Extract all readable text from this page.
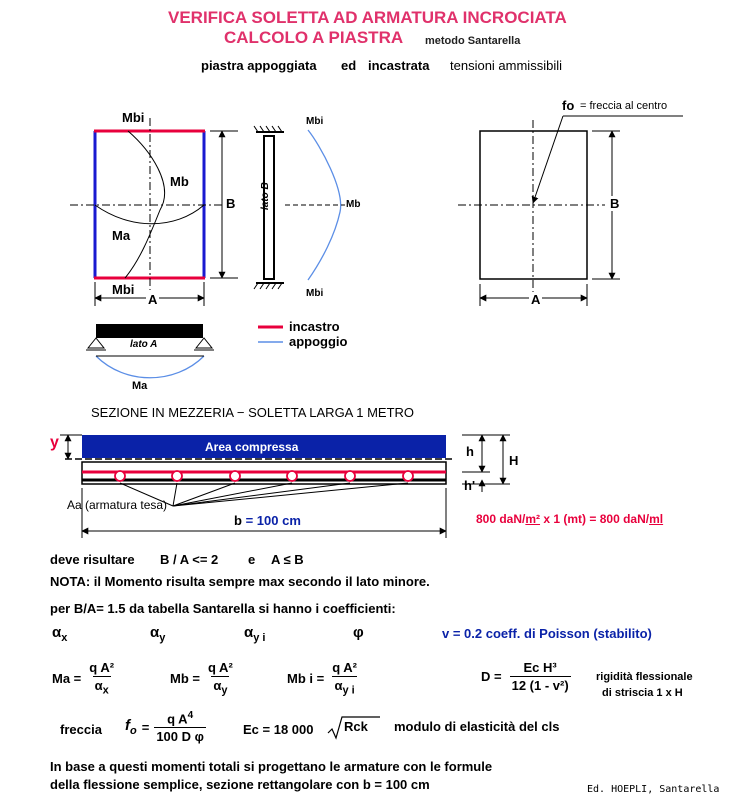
VERIFICA SOLETTA AD ARMATURA INCROCIATA
CALCOLO A PIASTRA metodo Santarella
piastra appoggiata ed incastrata tensioni ammissibili
Mbi
Mb
Ma
Mbi
A
B
Mbi
Mbi
Mb
lato B
fo = freccia al centro
B
A
incastro
appoggio
lato A
Ma
SEZIONE IN MEZZERIA − SOLETTA LARGA 1 METRO
Area compressa
y
h
H
h'
Aa (armatura tesa)
b = 100 cm	800 daN/m² x 1 (mt) = 800 daN/ml
deve risultare B / A <= 2 e A ≤ B
NOTA: il Momento risulta sempre max secondo il lato minore.
per B/A= 1.5 da tabella Santarella si hanno i coefficienti:
$\alpha_x$	$\alpha_y$	$\alpha_{y i}$	φ	v = 0.2 coeff. di Poisson (stabilito)
$Ma = \frac{\text{q A²}}{\alpha_x}$	$Mb = \frac{\text{q A²}}{\alpha_y}$	Mb $i = \frac{\text{q A²}}{\alpha_{y i}}$	$D = \frac{\text{Ec H³}}{\text{12 (1 - v²)}}$ rigidità flessionale
di striscia 1 x H
freccia $f_o = \frac{q A^4}{\text{100 D φ}}$	Ec = 18 000 Rck modulo di elasticità del cls
In base a questi momenti totali si progettano le armature con le formule
della flessione semplice, sezione rettangolare con b = 100 cm	Ed. HOEPLI, Santarella
